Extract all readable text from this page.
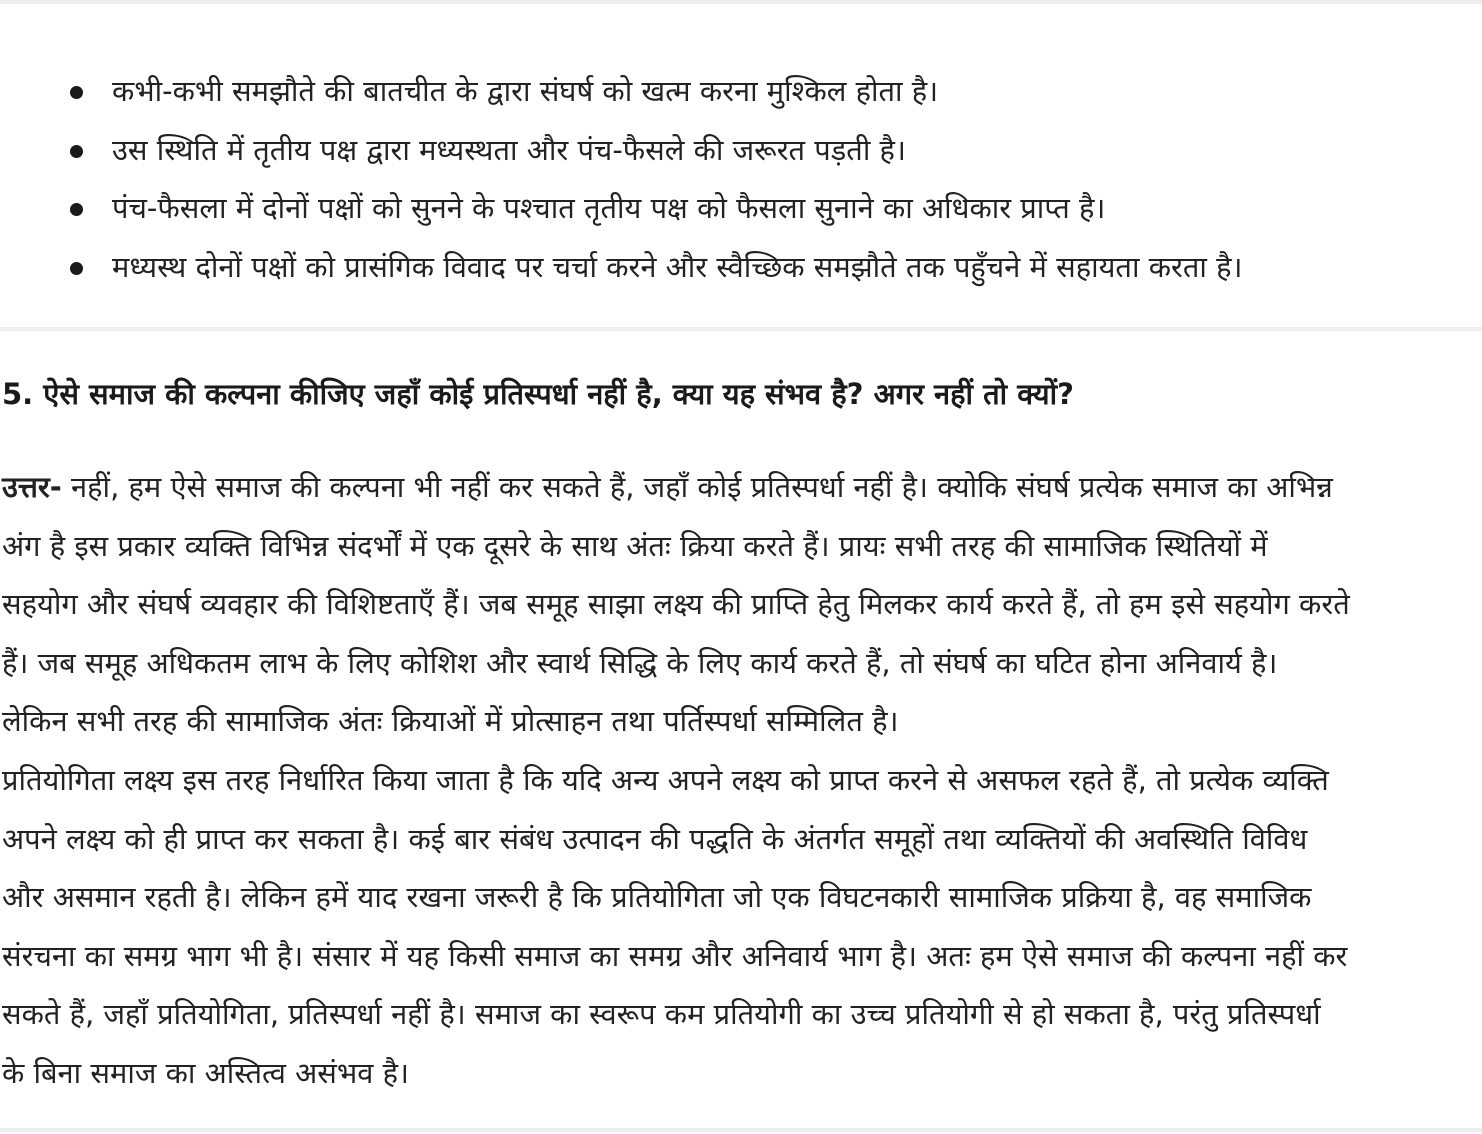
कभी-कभी समझौते की बातचीत के द्वारा संघर्ष को खत्म करना मुश्किल होता है।
उस स्थिति में तृतीय पक्ष द्वारा मध्यस्थता और पंच-फैसले की जरूरत पड़ती है।
पंच-फैसला में दोनों पक्षों को सुनने के पश्चात तृतीय पक्ष को फैसला सुनाने का अधिकार प्राप्त है।
मध्यस्थ दोनों पक्षों को प्रासंगिक विवाद पर चर्चा करने और स्वैच्छिक समझौते तक पहुँचने में सहायता करता है।
5. ऐसे समाज की कल्पना कीजिए जहाँ कोई प्रतिस्पर्धा नहीं है, क्या यह संभव है? अगर नहीं तो क्यों?
उत्तर- नहीं, हम ऐसे समाज की कल्पना भी नहीं कर सकते हैं, जहाँ कोई प्रतिस्पर्धा नहीं है। क्योकि संघर्ष प्रत्येक समाज का अभिन्न
अंग है इस प्रकार व्यक्ति विभिन्न संदर्भों में एक दूसरे के साथ अंतः क्रिया करते हैं। प्रायः सभी तरह की सामाजिक स्थितियों में
सहयोग और संघर्ष व्यवहार की विशिष्टताएँ हैं। जब समूह साझा लक्ष्य की प्राप्ति हेतु मिलकर कार्य करते हैं, तो हम इसे सहयोग करते
हैं। जब समूह अधिकतम लाभ के लिए कोशिश और स्वार्थ सिद्धि के लिए कार्य करते हैं, तो संघर्ष का घटित होना अनिवार्य है।
लेकिन सभी तरह की सामाजिक अंतः क्रियाओं में प्रोत्साहन तथा पर्तिस्पर्धा सम्मिलित है।
प्रतियोगिता लक्ष्य इस तरह निर्धारित किया जाता है कि यदि अन्य अपने लक्ष्य को प्राप्त करने से असफल रहते हैं, तो प्रत्येक व्यक्ति
अपने लक्ष्य को ही प्राप्त कर सकता है। कई बार संबंध उत्पादन की पद्धति के अंतर्गत समूहों तथा व्यक्तियों की अवस्थिति विविध
और असमान रहती है। लेकिन हमें याद रखना जरूरी है कि प्रतियोगिता जो एक विघटनकारी सामाजिक प्रक्रिया है, वह समाजिक
संरचना का समग्र भाग भी है। संसार में यह किसी समाज का समग्र और अनिवार्य भाग है। अतः हम ऐसे समाज की कल्पना नहीं कर
सकते हैं, जहाँ प्रतियोगिता, प्रतिस्पर्धा नहीं है। समाज का स्वरूप कम प्रतियोगी का उच्च प्रतियोगी से हो सकता है, परंतु प्रतिस्पर्धा
के बिना समाज का अस्तित्व असंभव है।
